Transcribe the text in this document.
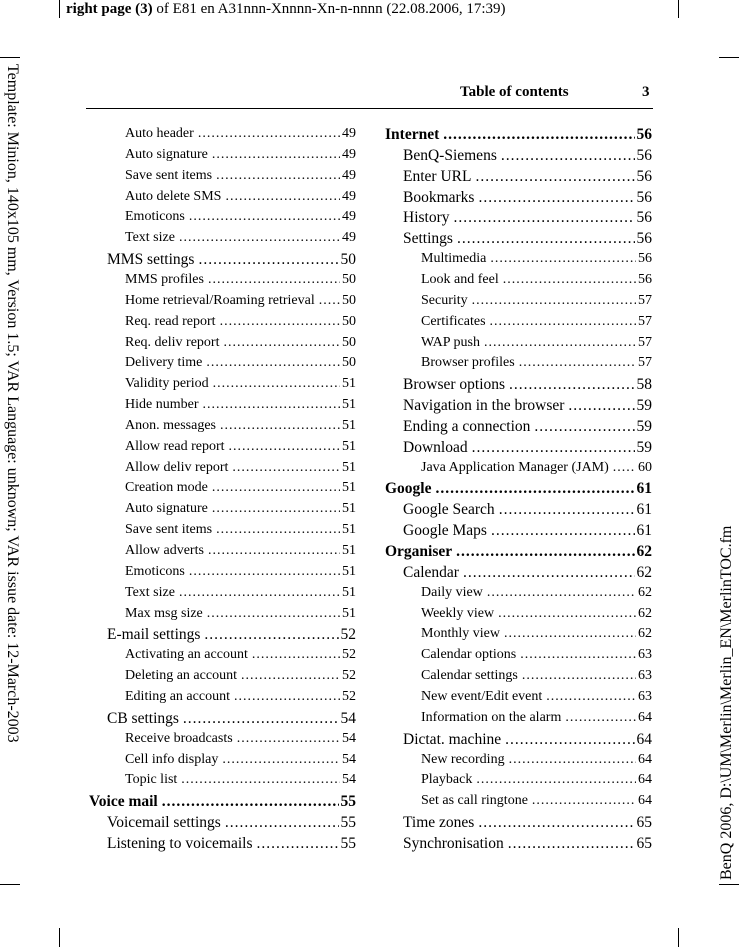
right page (3) of E81 en A31nnn-Xnnnn-Xn-n-nnnn (22.08.2006, 17:39)
Template: Minion, 140x105 mm, Version 1.5; VAR Language: unknown; VAR issue date: 12-March-2003	BenQ 2006, D:\UM\Merlin\Merlin_EN\MerlinTOC.fm
Table of contents	3
Auto header .....	49
Auto signature .....	49
Save sent items .....	49
Auto delete SMS .....	49
Emoticons .....	49
Text size .....	49
MMS settings .....	50
MMS profiles .....	50
Home retrieval/Roaming retrieval ..... 50
Req. read report .....	50
Req. deliv report .....	50
Delivery time .....	50
Validity period .....	51
Hide number .....	51
Anon. messages .....	51
Allow read report .....	51
Allow deliv report .....	51
Creation mode .....	51
Auto signature .....	51
Save sent items .....	51
Allow adverts .....	51
Emoticons .....	51
Text size .....	51
Max msg size .....	51
E-mail settings .....	52
Activating an account .....	52
Deleting an account .....	52
Editing an account .....	52
CB settings .....	54
Receive broadcasts .....	54
Cell info display .....	54
Topic list .....	54
Voice mail .....	55
Voicemail settings .....	55
Listening to voicemails .....	55
Internet .....	56
BenQ-Siemens .....	56
Enter URL .....	56
Bookmarks .....	56
History .....	56
Settings .....	56
Multimedia .....	56
Look and feel .....	56
Security .....	57
Certificates .....	57
WAP push .....	57
Browser profiles .....	57
Browser options .....	58
Navigation in the browser .....	59
Ending a connection .....	59
Download .....	59
Java Application Manager (JAM) ..... 60
Google .....	61
Google Search .....	61
Google Maps .....	61
Organiser .....	62
Calendar .....	62
Daily view .....	62
Weekly view .....	62
Monthly view .....	62
Calendar options .....	63
Calendar settings .....	63
New event/Edit event .....	63
Information on the alarm .....	64
Dictat. machine .....	64
New recording .....	64
Playback .....	64
Set as call ringtone .....	64
Time zones .....	65
Synchronisation .....	65
